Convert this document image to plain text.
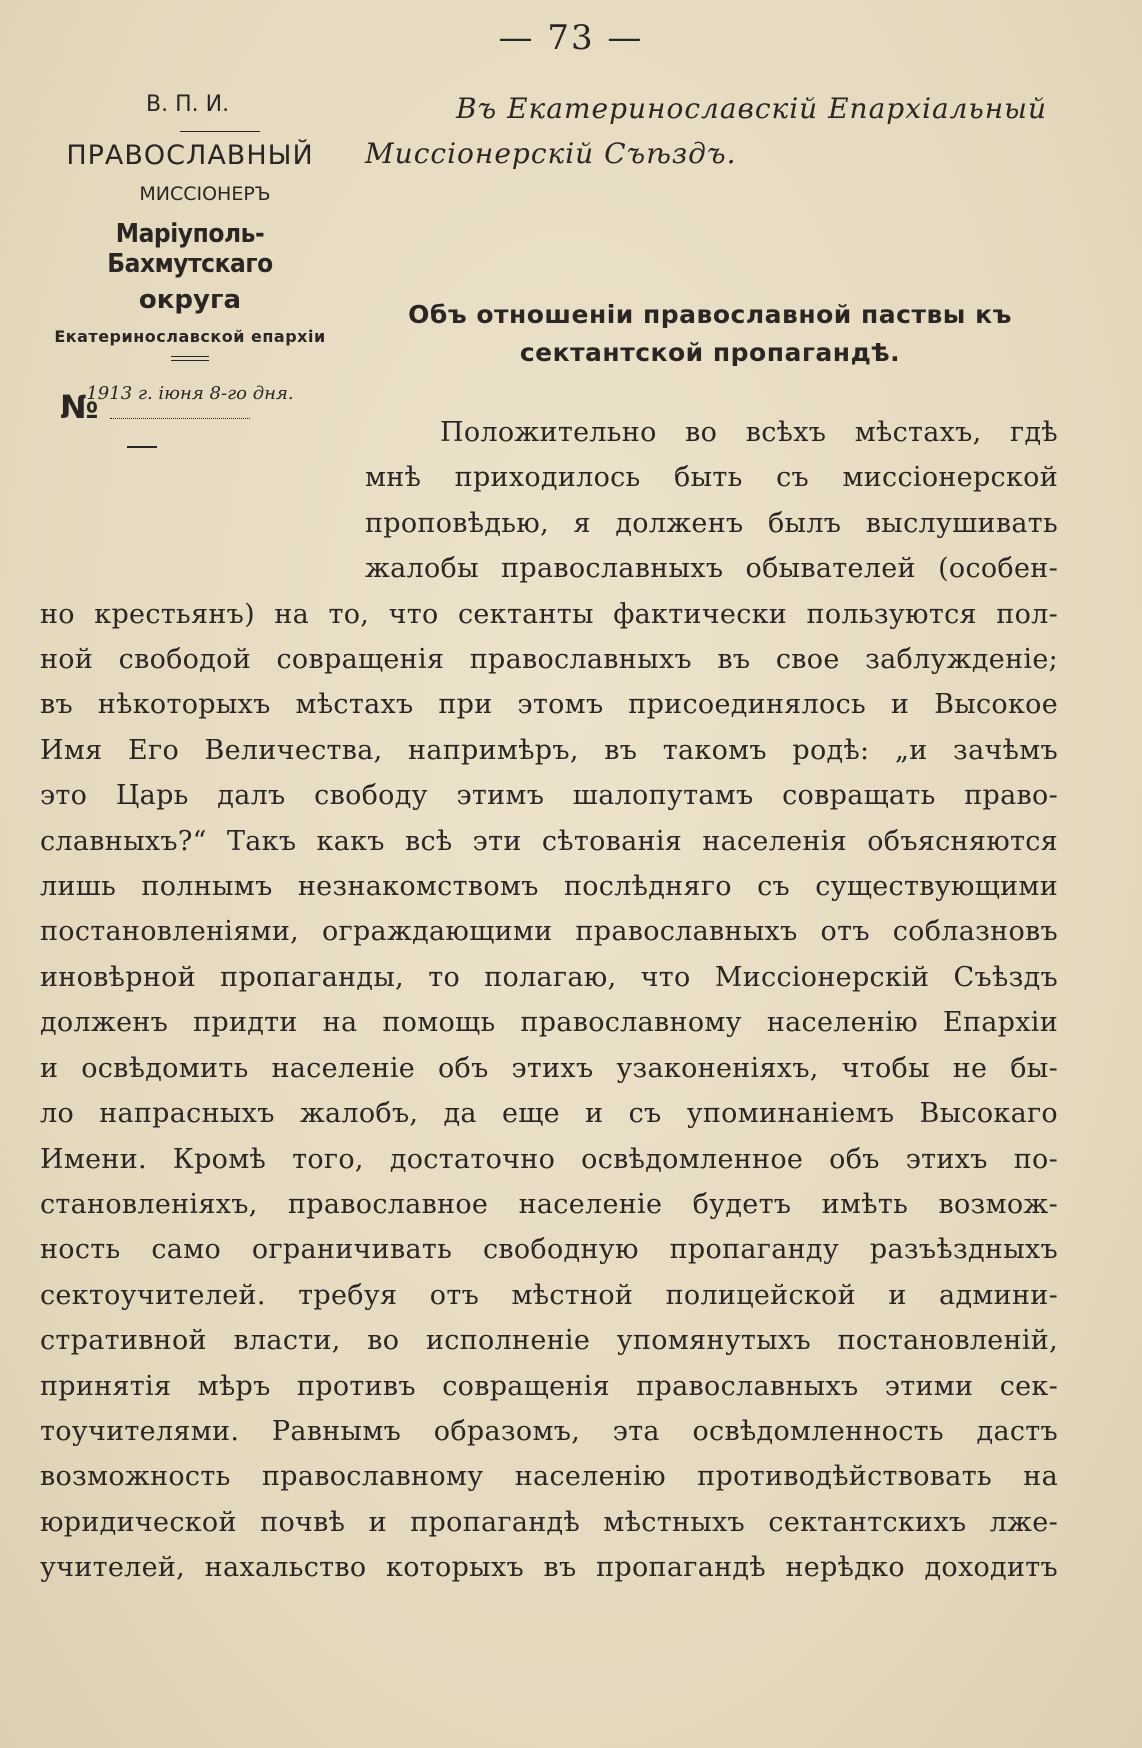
— 73 —
В. П. И.
ПРАВОСЛАВНЫЙ
МИССІОНЕРЪ
Маріуполь-Бахмутскаго
округа
Екатеринославской епархіи
1913 г. іюня 8-го дня.
№
Въ Екатеринославскій Епархіальный
Миссіонерскій Съѣздъ.
Объ отношеніи православной паствы къ
сектантской пропагандѣ.
Положительно во всѣхъ мѣстахъ, гдѣ
мнѣ приходилось быть съ миссіонерской
проповѣдью, я долженъ былъ выслушивать
жалобы православныхъ обывателей (особен-
но крестьянъ) на то, что сектанты фактически пользуются пол-
ной свободой совращенія православныхъ въ свое заблужденіе;
въ нѣкоторыхъ мѣстахъ при этомъ присоединялось и Высокое
Имя Его Величества, напримѣръ, въ такомъ родѣ: „и зачѣмъ
это Царь далъ свободу этимъ шалопутамъ совращать право-
славныхъ?“ Такъ какъ всѣ эти сѣтованія населенія объясняются
лишь полнымъ незнакомствомъ послѣдняго съ существующими
постановленіями, ограждающими православныхъ отъ соблазновъ
иновѣрной пропаганды, то полагаю, что Миссіонерскій Съѣздъ
долженъ придти на помощь православному населенію Епархіи
и освѣдомить населеніе объ этихъ узаконеніяхъ, чтобы не бы-
ло напрасныхъ жалобъ, да еще и съ упоминаніемъ Высокаго
Имени. Кромѣ того, достаточно освѣдомленное объ этихъ по-
становленіяхъ, православное населеніе будетъ имѣть возмож-
ность само ограничивать свободную пропаганду разъѣздныхъ
сектоучителей. требуя отъ мѣстной полицейской и админи-
стративной власти, во исполненіе упомянутыхъ постановленій,
принятія мѣръ противъ совращенія православныхъ этими сек-
тоучителями. Равнымъ образомъ, эта освѣдомленность дастъ
возможность православному населенію противодѣйствовать на
юридической почвѣ и пропагандѣ мѣстныхъ сектантскихъ лже-
учителей, нахальство которыхъ въ пропагандѣ нерѣдко доходитъ
